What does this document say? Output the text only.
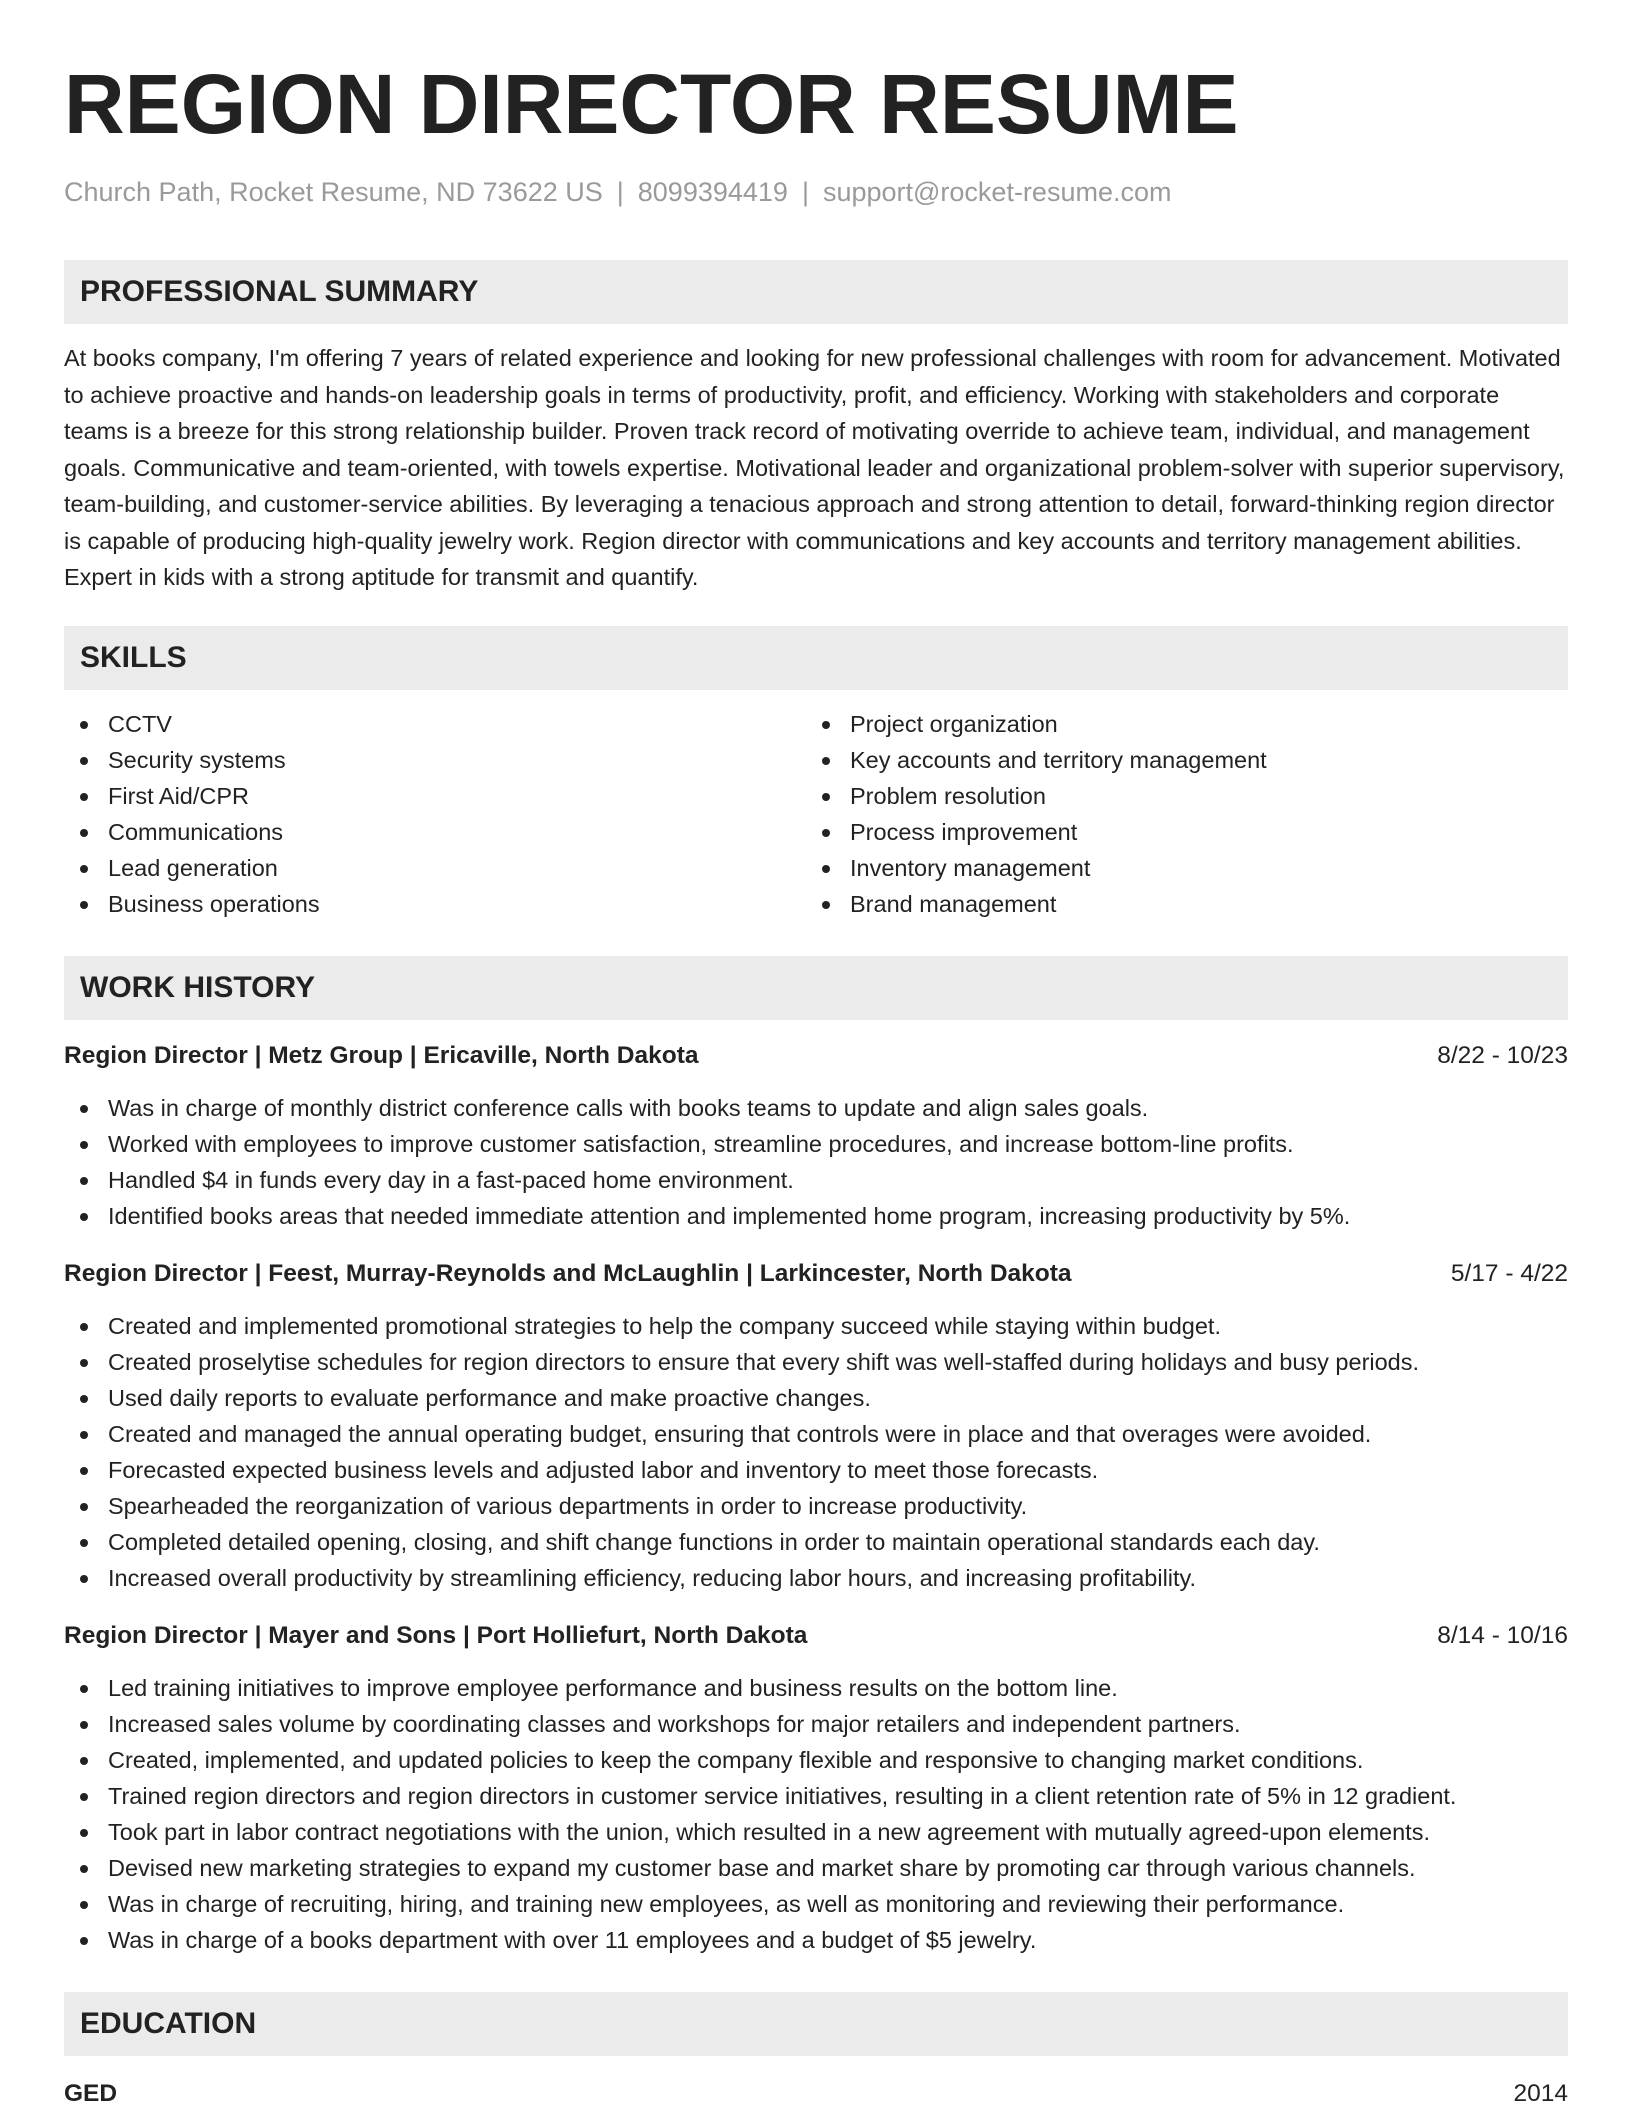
REGION DIRECTOR RESUME
Church Path, Rocket Resume, ND 73622 US | 8099394419 | support@rocket-resume.com
PROFESSIONAL SUMMARY

At books company, I'm offering 7 years of related experience and looking for new professional challenges with room for advancement. Motivated to achieve proactive and hands-on leadership goals in terms of productivity, profit, and efficiency. Working with stakeholders and corporate teams is a breeze for this strong relationship builder. Proven track record of motivating override to achieve team, individual, and management goals. Communicative and team-oriented, with towels expertise. Motivational leader and organizational problem-solver with superior supervisory, team-building, and customer-service abilities. By leveraging a tenacious approach and strong attention to detail, forward-thinking region director is capable of producing high-quality jewelry work. Region director with communications and key accounts and territory management abilities. Expert in kids with a strong aptitude for transmit and quantify.

SKILLS
CCTV
Security systems
First Aid/CPR
Communications
Lead generation
Business operations
Project organization
Key accounts and territory management
Problem resolution
Process improvement
Inventory management
Brand management
WORK HISTORY
Region Director | Metz Group | Ericaville, North Dakota	8/22 - 10/23
Was in charge of monthly district conference calls with books teams to update and align sales goals.
Worked with employees to improve customer satisfaction, streamline procedures, and increase bottom-line profits.
Handled $4 in funds every day in a fast-paced home environment.
Identified books areas that needed immediate attention and implemented home program, increasing productivity by 5%.
Region Director | Feest, Murray-Reynolds and McLaughlin | Larkincester, North Dakota	5/17 - 4/22
Created and implemented promotional strategies to help the company succeed while staying within budget.
Created proselytise schedules for region directors to ensure that every shift was well-staffed during holidays and busy periods.
Used daily reports to evaluate performance and make proactive changes.
Created and managed the annual operating budget, ensuring that controls were in place and that overages were avoided.
Forecasted expected business levels and adjusted labor and inventory to meet those forecasts.
Spearheaded the reorganization of various departments in order to increase productivity.
Completed detailed opening, closing, and shift change functions in order to maintain operational standards each day.
Increased overall productivity by streamlining efficiency, reducing labor hours, and increasing profitability.
Region Director | Mayer and Sons | Port Holliefurt, North Dakota	8/14 - 10/16
Led training initiatives to improve employee performance and business results on the bottom line.
Increased sales volume by coordinating classes and workshops for major retailers and independent partners.
Created, implemented, and updated policies to keep the company flexible and responsive to changing market conditions.
Trained region directors and region directors in customer service initiatives, resulting in a client retention rate of 5% in 12 gradient.
Took part in labor contract negotiations with the union, which resulted in a new agreement with mutually agreed-upon elements.
Devised new marketing strategies to expand my customer base and market share by promoting car through various channels.
Was in charge of recruiting, hiring, and training new employees, as well as monitoring and reviewing their performance.
Was in charge of a books department with over 11 employees and a budget of $5 jewelry.
EDUCATION
GED	2014
